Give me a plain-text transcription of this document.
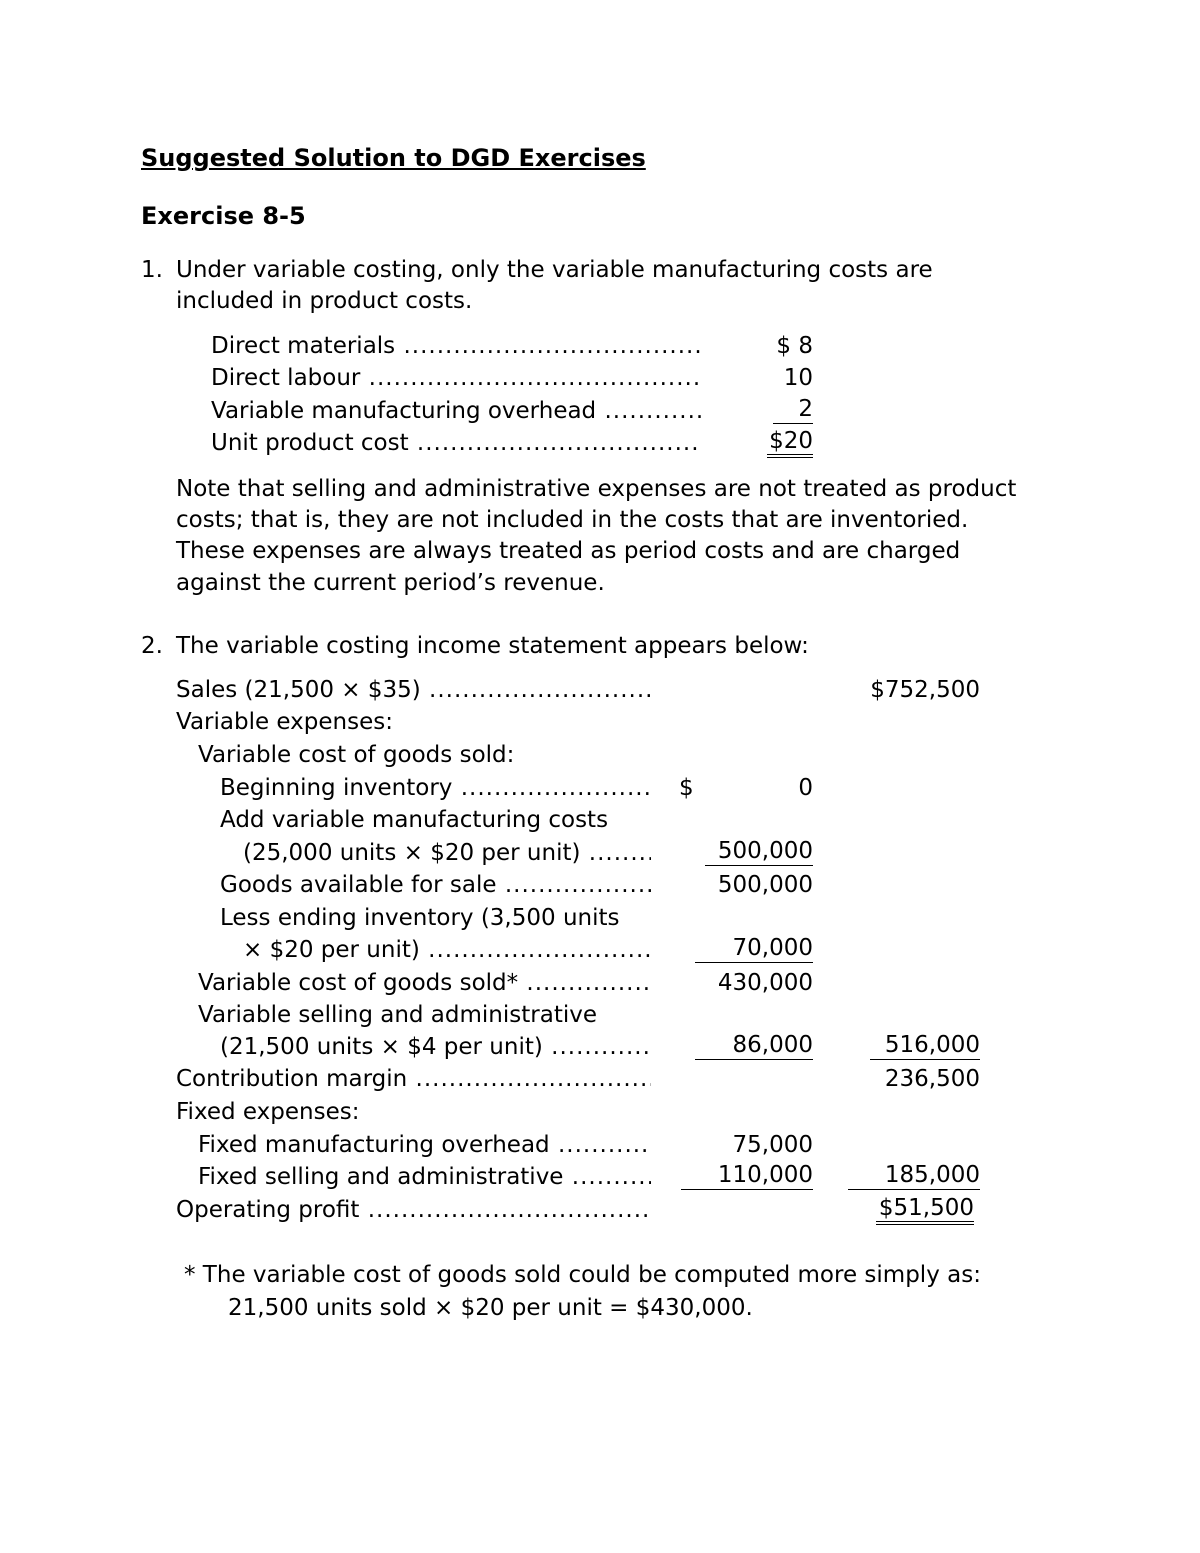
Suggested Solution to DGD Exercises
Exercise 8-5
1. Under variable costing, only the variable manufacturing costs are
included in product costs.
Direct materials .....	$ 8
Direct labour .....	10
Variable manufacturing overhead .....	2
Unit product cost .....	$20
Note that selling and administrative expenses are not treated as product
costs; that is, they are not included in the costs that are inventoried.
These expenses are always treated as period costs and are charged
against the current period’s revenue.
2. The variable costing income statement appears below:
Sales (21,500 × $35) .....	$752,500
Variable expenses:
Variable cost of goods sold:
Beginning inventory .....	$	0
Add variable manufacturing costs
(25,000 units × $20 per unit) .....	500,000
Goods available for sale .....	500,000
Less ending inventory (3,500 units
× $20 per unit) .....	70,000
Variable cost of goods sold* .....	430,000
Variable selling and administrative
(21,500 units × $4 per unit) .....	86,000	516,000
Contribution margin .....	236,500
Fixed expenses:
Fixed manufacturing overhead .....	75,000
Fixed selling and administrative .....	110,000	185,000
Operating profit .....	$51,500
* The variable cost of goods sold could be computed more simply as:
21,500 units sold × $20 per unit = $430,000.
